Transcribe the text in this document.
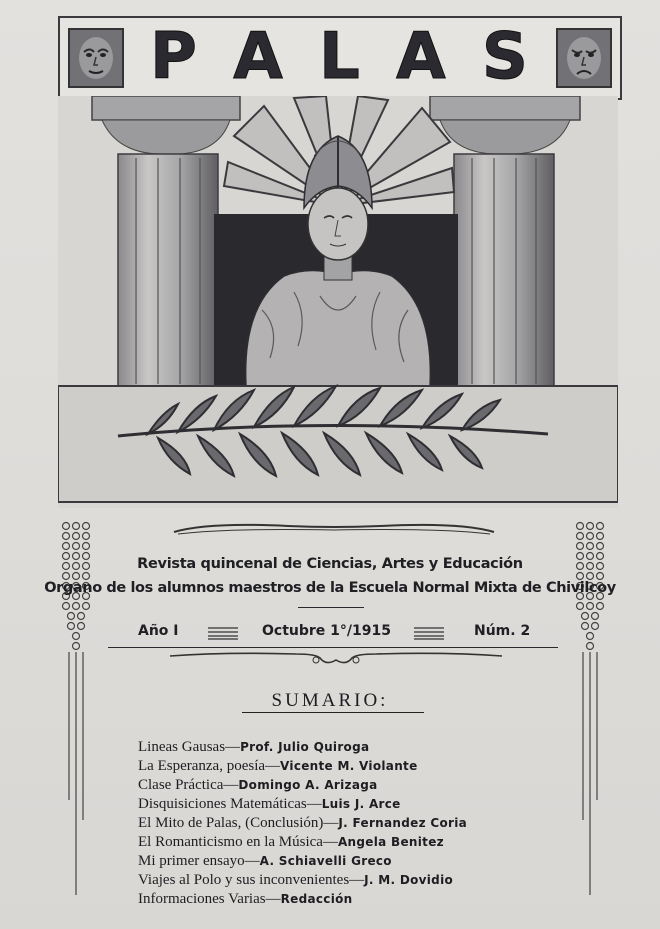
P A L A S
Revista quincenal de Ciencias, Artes y Educación
Organo de los alumnos maestros de la Escuela Normal Mixta de Chivilcoy
Año I	Octubre 1°/1915	Núm. 2
SUMARIO:
Lineas Gausas—Prof. Julio Quiroga
La Esperanza, poesía—Vicente M. Violante
Clase Práctica—Domingo A. Arizaga
Disquisiciones Matemáticas—Luis J. Arce
El Mito de Palas, (Conclusión)—J. Fernandez Coria
El Romanticismo en la Música—Angela Benitez
Mi primer ensayo—A. Schiavelli Greco
Viajes al Polo y sus inconvenientes—J. M. Dovidio
Informaciones Varias—Redacción
